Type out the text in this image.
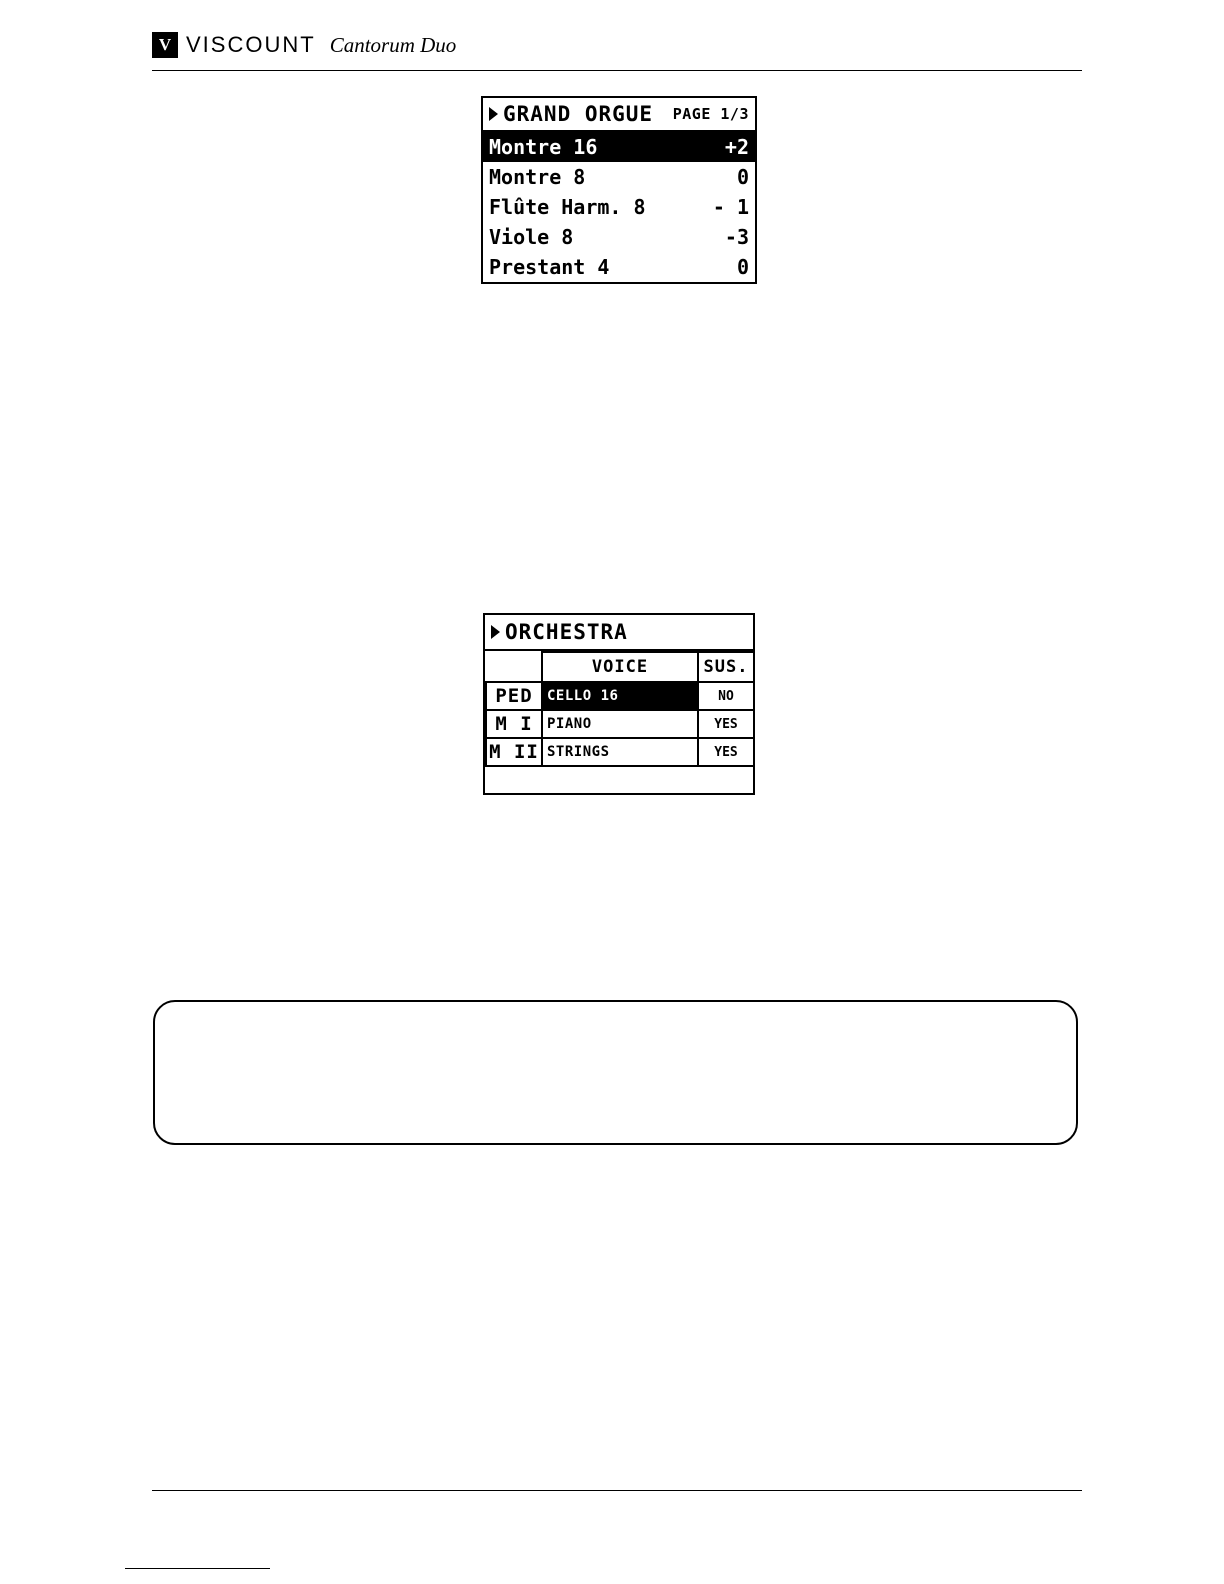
V VISCOUNT Cantorum Duo
GRAND ORGUE PAGE 1/3
Montre 16	+2
Montre 8	0
Flûte Harm. 8	- 1
Viole 8	-3
Prestant 4	0
ORCHESTRA
	VOICE	SUS.
PED	CELLO 16	NO
M I	PIANO	YES
M II	STRINGS	YES
